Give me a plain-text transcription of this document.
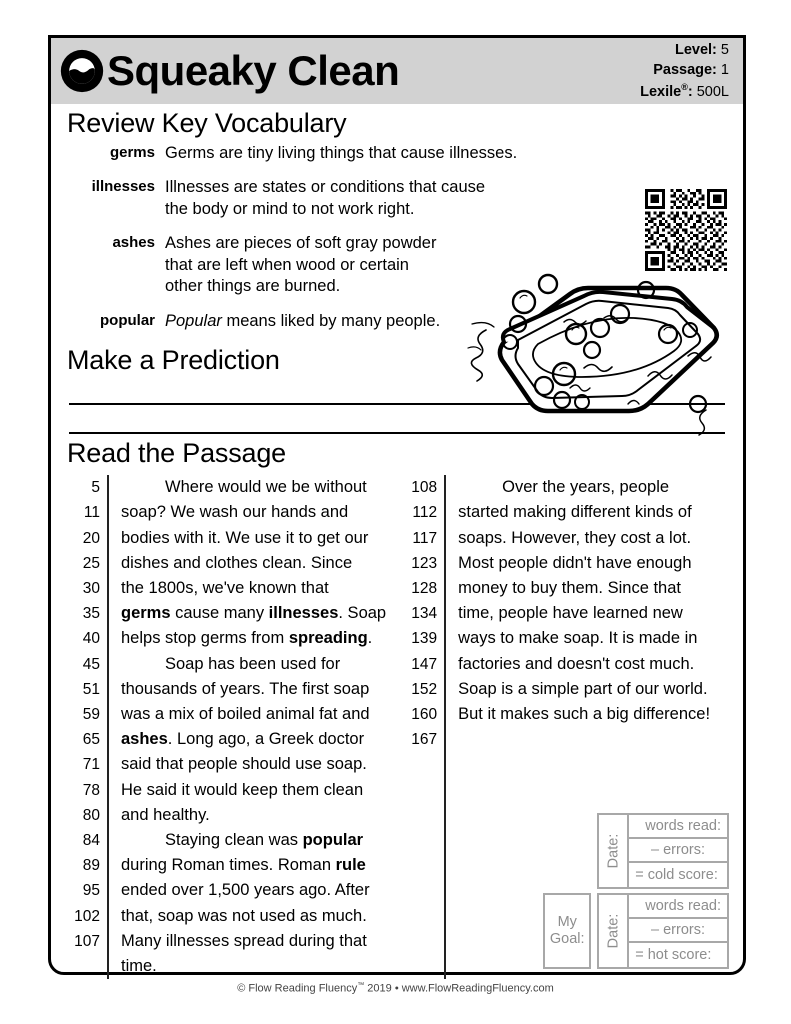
Squeaky Clean	Level: 5
Passage: 1
Lexile®: 500L
Review Key Vocabulary
germs Germs are tiny living things that cause illnesses.
illnesses Illnesses are states or conditions that cause
the body or mind to not work right.
ashes Ashes are pieces of soft gray powder
that are left when wood or certain
other things are burned.
popular Popular means liked by many people.
Make a Prediction
Read the Passage
5
11
20
25
30
35
40
45
51
59
65
71
78
80
84
89
95
102
107
Where would we be without
soap? We wash our hands and
bodies with it. We use it to get our
dishes and clothes clean. Since
the 1800s, we've known that
germs cause many illnesses. Soap
helps stop germs from spreading.
Soap has been used for
thousands of years. The first soap
was a mix of boiled animal fat and
ashes. Long ago, a Greek doctor
said that people should use soap.
He said it would keep them clean
and healthy.
Staying clean was popular
during Roman times. Roman rule
ended over 1,500 years ago. After
that, soap was not used as much.
Many illnesses spread during that
time.
108
112
117
123
128
134
139
147
152
160
167
Over the years, people
started making different kinds of
soaps. However, they cost a lot.
Most people didn't have enough
money to buy them. Since that
time, people have learned new
ways to make soap. It is made in
factories and doesn't cost much.
Soap is a simple part of our world.
But it makes such a big difference!
Date:
words read:
– errors:
= cold score:
My
Goal: Date:
words read:
– errors:
= hot score:
© Flow Reading Fluency™ 2019 • www.FlowReadingFluency.com
